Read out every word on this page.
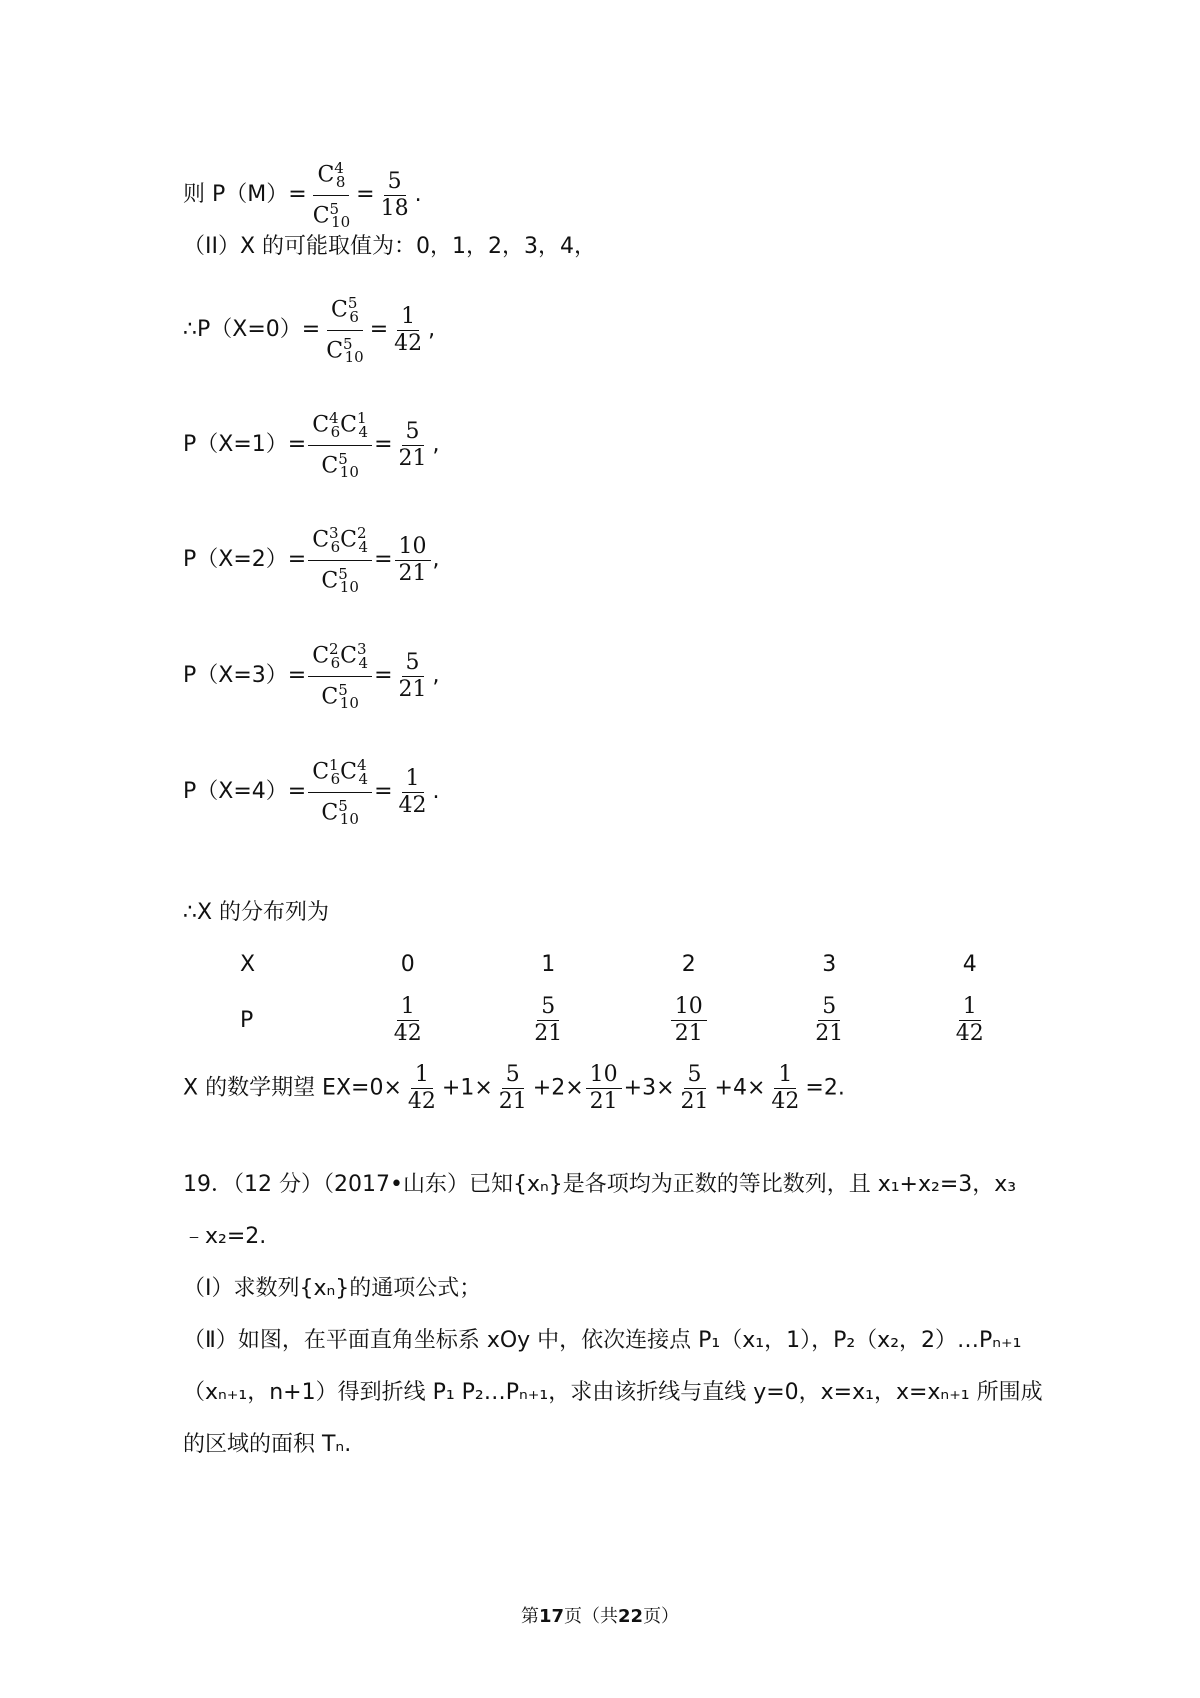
则 $P(M)= \frac{C^4_8}{C^5_{10}} = \frac{5}{18}$ .
（II）X 的可能取值为：0，1，2，3，4，
∴P（X=0）= $\frac{C^5_6}{C^5_{10}} = \frac{1}{42}$ ,
$P(X=1)= \frac{C^4_6C^1_4}{C^5_{10}} = \frac{5}{21}$ ,
$P(X=2)= \frac{C^3_6C^2_4}{C^5_{10}} = \frac{10}{21}$ ,
$P(X=3)= \frac{C^2_6C^3_4}{C^5_{10}} = \frac{5}{21}$ ,
$P(X=4)= \frac{C^1_6C^4_4}{C^5_{10}} = \frac{1}{42}$ .
∴X 的分布列为
X	0	1	2	3	4
P	$\frac{1}{42}$	$\frac{5}{21}$	$\frac{10}{21}$	$\frac{5}{21}$	$\frac{1}{42}$
X 的数学期望 $EX=0\times \frac{1}{42} +1\times \frac{5}{21} +2\times \frac{10}{21} +3\times \frac{5}{21} +4\times \frac{1}{42} =2$.
19．（12 分）（2017•山东）已知{xₙ}是各项均为正数的等比数列，且 x₁+x₂=3，x₃
﹣x₂=2.
（Ⅰ）求数列{xₙ}的通项公式；
（Ⅱ）如图，在平面直角坐标系 xOy 中，依次连接点 P₁（x₁，1），P₂（x₂，2）…Pₙ₊₁
（xₙ₊₁，n+1）得到折线 P₁ P₂…Pₙ₊₁，求由该折线与直线 y=0，x=x₁，x=xₙ₊₁ 所围成
的区域的面积 Tₙ.
第17页（共22页）
